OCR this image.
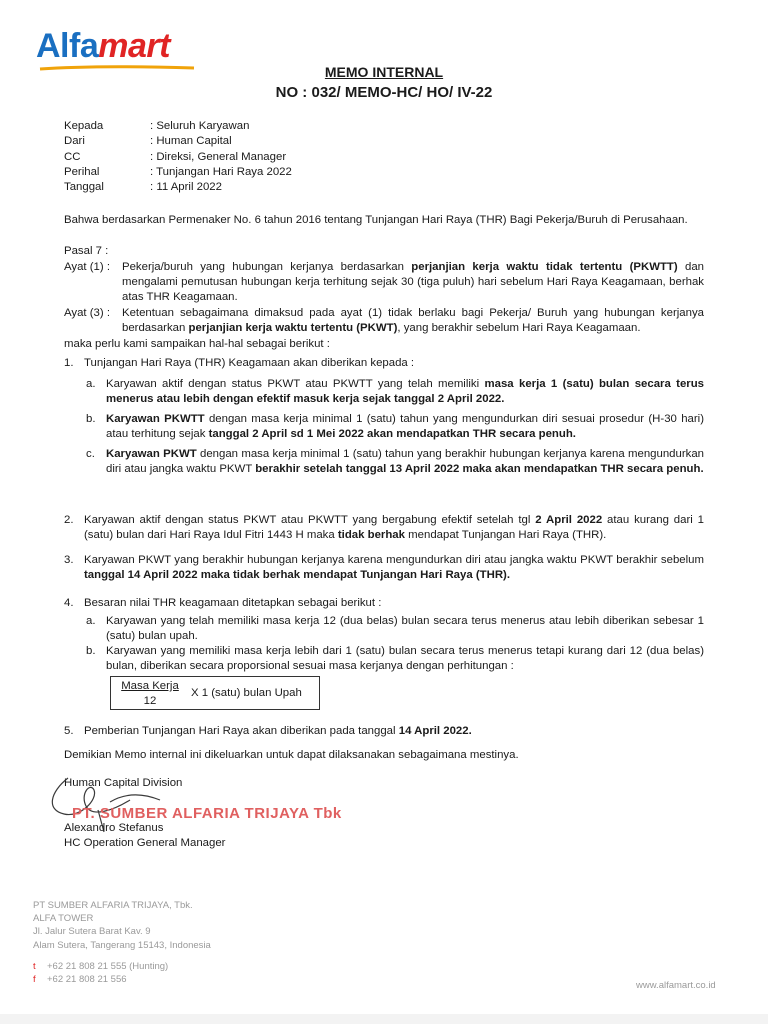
Alfamart
MEMO INTERNAL
NO : 032/ MEMO-HC/ HO/ IV-22
Kepada	: Seluruh Karyawan
Dari	: Human Capital
CC	: Direksi, General Manager
Perihal	: Tunjangan Hari Raya 2022
Tanggal	: 11 April 2022
Bahwa berdasarkan Permenaker No. 6 tahun 2016 tentang Tunjangan Hari Raya (THR) Bagi Pekerja/Buruh di Perusahaan.
Pasal 7 :
Ayat (1) : Pekerja/buruh yang hubungan kerjanya berdasarkan perjanjian kerja waktu tidak tertentu (PKWTT) dan mengalami pemutusan hubungan kerja terhitung sejak 30 (tiga puluh) hari sebelum Hari Raya Keagamaan, berhak atas THR Keagamaan.
Ayat (3) : Ketentuan sebagaimana dimaksud pada ayat (1) tidak berlaku bagi Pekerja/ Buruh yang hubungan kerjanya berdasarkan perjanjian kerja waktu tertentu (PKWT), yang berakhir sebelum Hari Raya Keagamaan.
maka perlu kami sampaikan hal-hal sebagai berikut :
1. Tunjangan Hari Raya (THR) Keagamaan akan diberikan kepada :
a. Karyawan aktif dengan status PKWT atau PKWTT yang telah memiliki masa kerja 1 (satu) bulan secara terus menerus atau lebih dengan efektif masuk kerja sejak tanggal 2 April 2022.
b. Karyawan PKWTT dengan masa kerja minimal 1 (satu) tahun yang mengundurkan diri sesuai prosedur (H-30 hari) atau terhitung sejak tanggal 2 April sd 1 Mei 2022 akan mendapatkan THR secara penuh.
c. Karyawan PKWT dengan masa kerja minimal 1 (satu) tahun yang berakhir hubungan kerjanya karena mengundurkan diri atau jangka waktu PKWT berakhir setelah tanggal 13 April 2022 maka akan mendapatkan THR secara penuh.
2. Karyawan aktif dengan status PKWT atau PKWTT yang bergabung efektif setelah tgl 2 April 2022 atau kurang dari 1 (satu) bulan dari Hari Raya Idul Fitri 1443 H maka tidak berhak mendapat Tunjangan Hari Raya (THR).
3. Karyawan PKWT yang berakhir hubungan kerjanya karena mengundurkan diri atau jangka waktu PKWT berakhir sebelum tanggal 14 April 2022 maka tidak berhak mendapat Tunjangan Hari Raya (THR).
4. Besaran nilai THR keagamaan ditetapkan sebagai berikut :
a. Karyawan yang telah memiliki masa kerja 12 (dua belas) bulan secara terus menerus atau lebih diberikan sebesar 1 (satu) bulan upah.
b. Karyawan yang memiliki masa kerja lebih dari 1 (satu) bulan secara terus menerus tetapi kurang dari 12 (dua belas) bulan, diberikan secara proporsional sesuai masa kerjanya dengan perhitungan :
Masa Kerja
12
X 1 (satu) bulan Upah
5. Pemberian Tunjangan Hari Raya akan diberikan pada tanggal 14 April 2022.
Demikian Memo internal ini dikeluarkan untuk dapat dilaksanakan sebagaimana mestinya.
Human Capital Division
PT. SUMBER ALFARIA TRIJAYA Tbk
Alexandro Stefanus
HC Operation General Manager
PT SUMBER ALFARIA TRIJAYA, Tbk.
ALFA TOWER
Jl. Jalur Sutera Barat Kav. 9
Alam Sutera, Tangerang 15143, Indonesia
t +62 21 808 21 555 (Hunting)
f +62 21 808 21 556
www.alfamart.co.id
